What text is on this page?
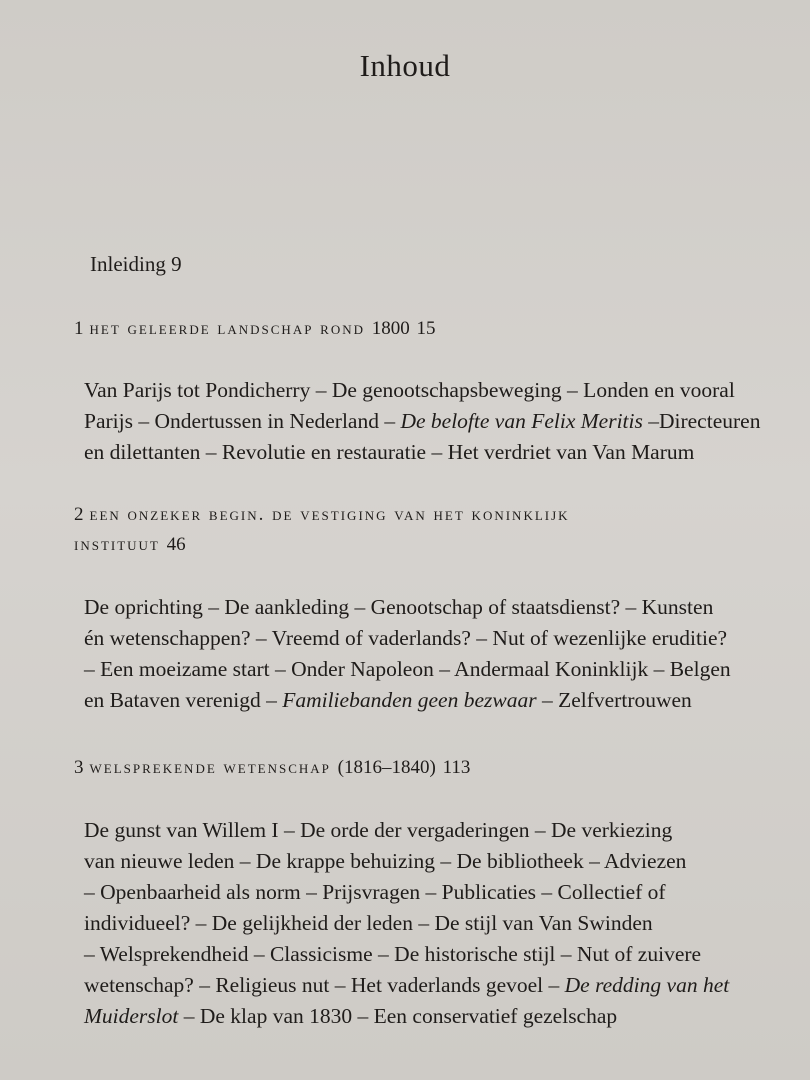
Inhoud
Inleiding 9
1 het geleerde landschap rond 1800 15
Van Parijs tot Pondicherry – De genootschapsbeweging – Londen en vooral
Parijs – Ondertussen in Nederland – De belofte van Felix Meritis –Directeuren
en dilettanten – Revolutie en restauratie – Het verdriet van Van Marum
2 een onzeker begin. de vestiging van het koninklijk
instituut 46
De oprichting – De aankleding – Genootschap of staatsdienst? – Kunsten
én wetenschappen? – Vreemd of vaderlands? – Nut of wezenlijke eruditie?
– Een moeizame start – Onder Napoleon – Andermaal Koninklijk – Belgen
en Bataven verenigd – Familiebanden geen bezwaar – Zelfvertrouwen
3 welsprekende wetenschap (1816–1840) 113
De gunst van Willem I – De orde der vergaderingen – De verkiezing
van nieuwe leden – De krappe behuizing – De bibliotheek – Adviezen
– Openbaarheid als norm – Prijsvragen – Publicaties – Collectief of
individueel? – De gelijkheid der leden – De stijl van Van Swinden
– Welsprekendheid – Classicisme – De historische stijl – Nut of zuivere
wetenschap? – Religieus nut – Het vaderlands gevoel – De redding van het
Muiderslot – De klap van 1830 – Een conservatief gezelschap
